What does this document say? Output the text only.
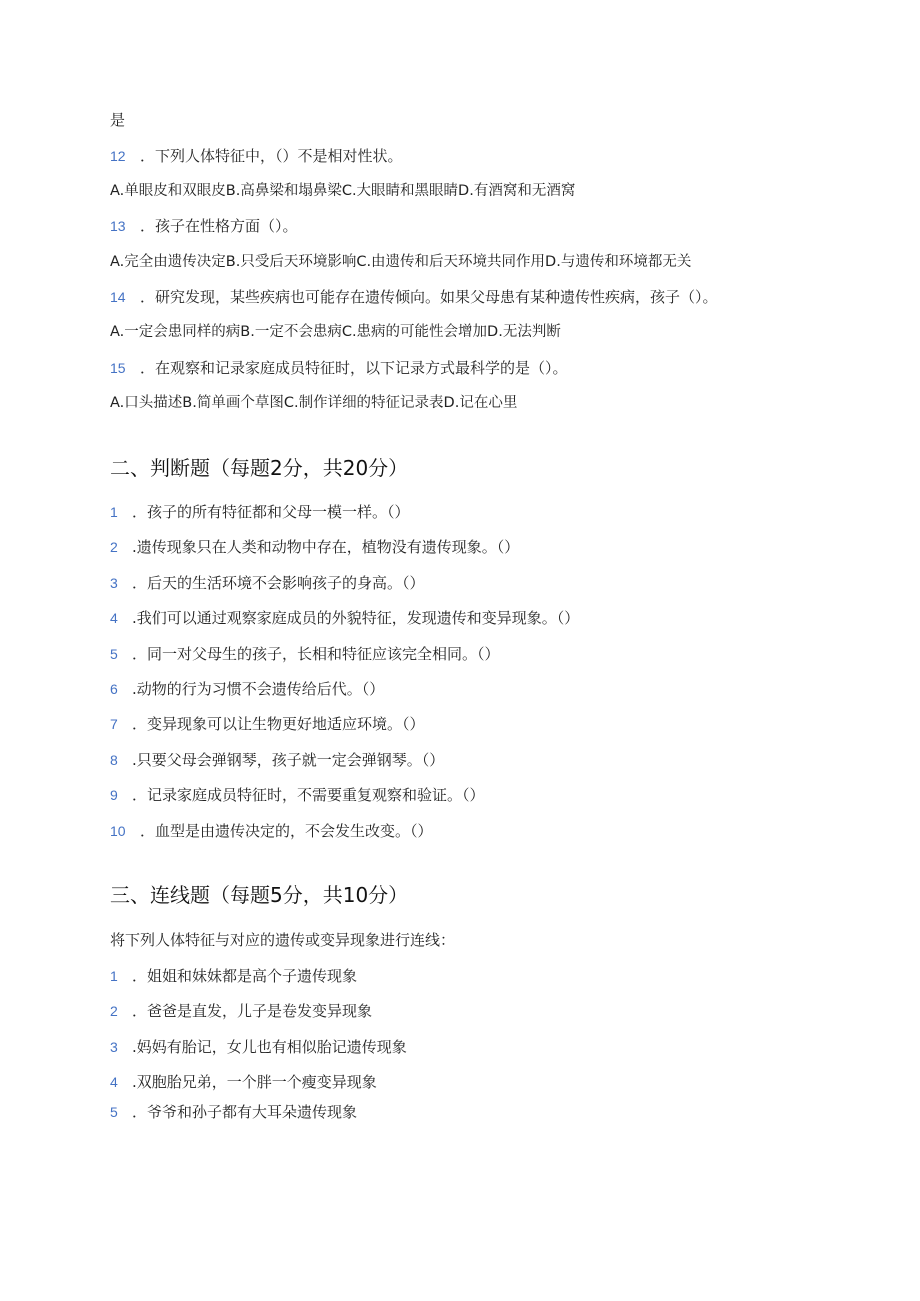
是
12 ．下列人体特征中，（）不是相对性状。
A.单眼皮和双眼皮B.高鼻梁和塌鼻梁C.大眼睛和黑眼睛D.有酒窝和无酒窝
13 ．孩子在性格方面（）。
A.完全由遗传决定B.只受后天环境影响C.由遗传和后天环境共同作用D.与遗传和环境都无关
14 ．研究发现，某些疾病也可能存在遗传倾向。如果父母患有某种遗传性疾病，孩子（）。
A.一定会患同样的病B.一定不会患病C.患病的可能性会增加D.无法判断
15 ．在观察和记录家庭成员特征时，以下记录方式最科学的是（）。
A.口头描述B.简单画个草图C.制作详细的特征记录表D.记在心里
二、判断题（每题2分，共20分）
1 ．孩子的所有特征都和父母一模一样。（）
2 .遗传现象只在人类和动物中存在，植物没有遗传现象。（）
3 ．后天的生活环境不会影响孩子的身高。（）
4 .我们可以通过观察家庭成员的外貌特征，发现遗传和变异现象。（）
5 ．同一对父母生的孩子，长相和特征应该完全相同。（）
6 .动物的行为习惯不会遗传给后代。（）
7 ．变异现象可以让生物更好地适应环境。（）
8 .只要父母会弹钢琴，孩子就一定会弹钢琴。（）
9 ．记录家庭成员特征时，不需要重复观察和验证。（）
10 ．血型是由遗传决定的，不会发生改变。（）
三、连线题（每题5分，共10分）
将下列人体特征与对应的遗传或变异现象进行连线：
1 ．姐姐和妹妹都是高个子遗传现象
2 ．爸爸是直发，儿子是卷发变异现象
3 .妈妈有胎记，女儿也有相似胎记遗传现象
4 .双胞胎兄弟，一个胖一个瘦变异现象
5 ．爷爷和孙子都有大耳朵遗传现象
